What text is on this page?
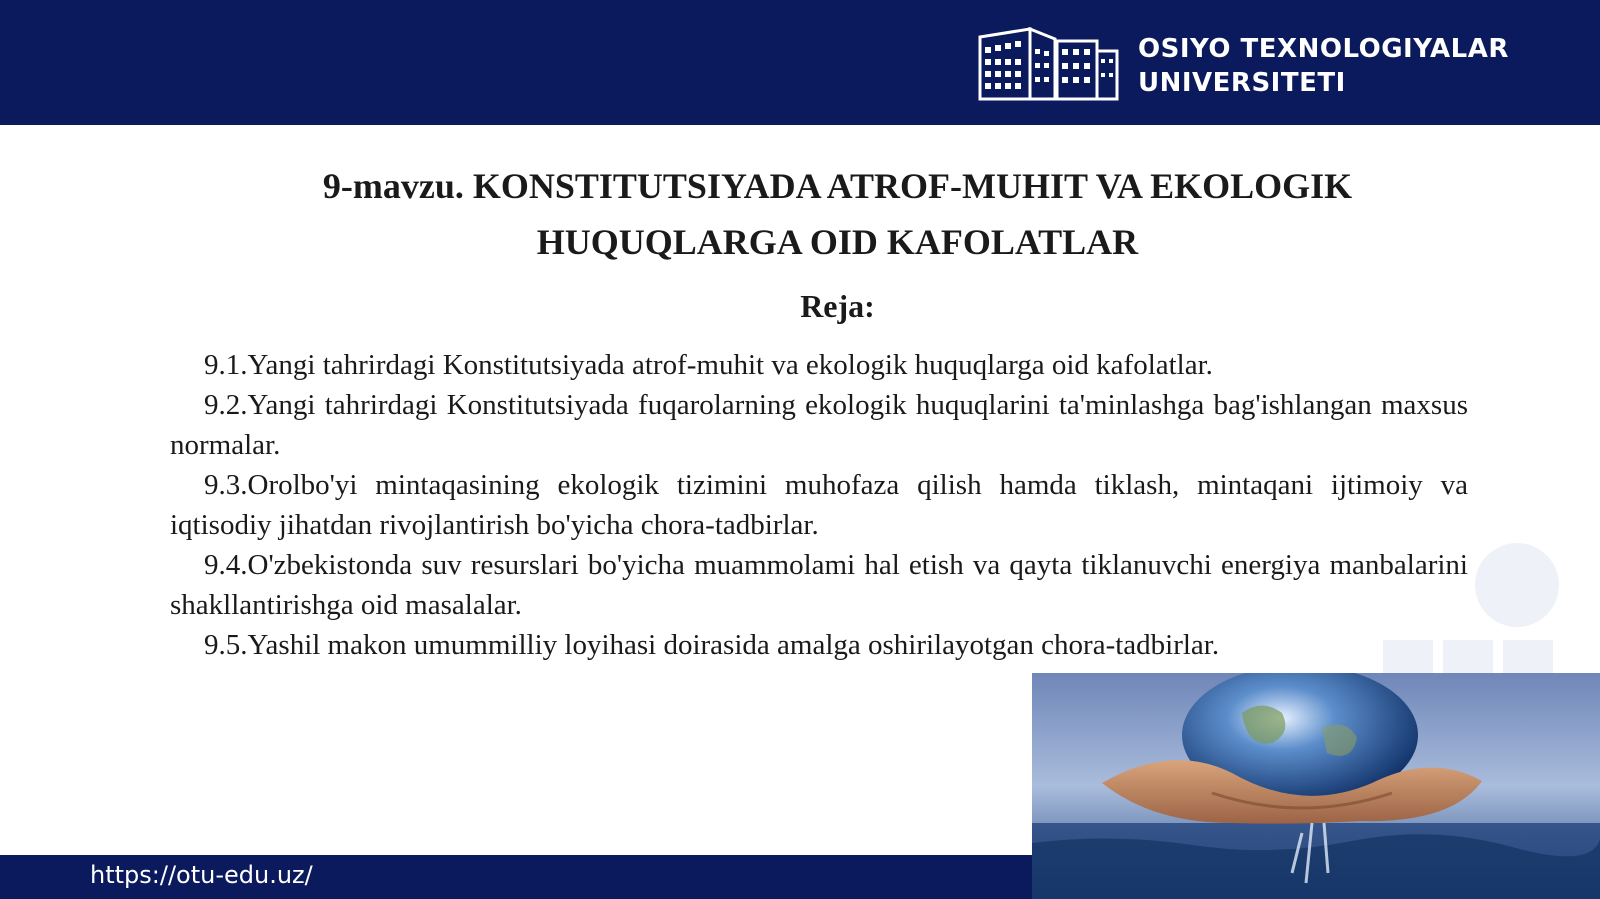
OSIYO TEXNOLOGIYALAR
UNIVERSITETI
9-mavzu. KONSTITUTSIYADA ATROF-MUHIT VA EKOLOGIK
HUQUQLARGA OID KAFOLATLAR
Reja:

9.1.Yangi tahrirdagi Konstitutsiyada atrof-muhit va ekologik huquqlarga oid kafolatlar.

9.2.Yangi tahrirdagi Konstitutsiyada fuqarolarning ekologik huquqlarini ta'minlashga bag'ishlangan maxsus normalar.

9.3.Orolbo'yi mintaqasining ekologik tizimini muhofaza qilish hamda tiklash, mintaqani ijtimoiy va iqtisodiy jihatdan rivojlantirish bo'yicha chora-tadbirlar.

9.4.O'zbekistonda suv resurslari bo'yicha muammolami hal etish va qayta tiklanuvchi energiya manbalarini shakllantirishga oid masalalar.

9.5.Yashil makon umummilliy loyihasi doirasida amalga oshirilayotgan chora-tadbirlar.

https://otu-edu.uz/
